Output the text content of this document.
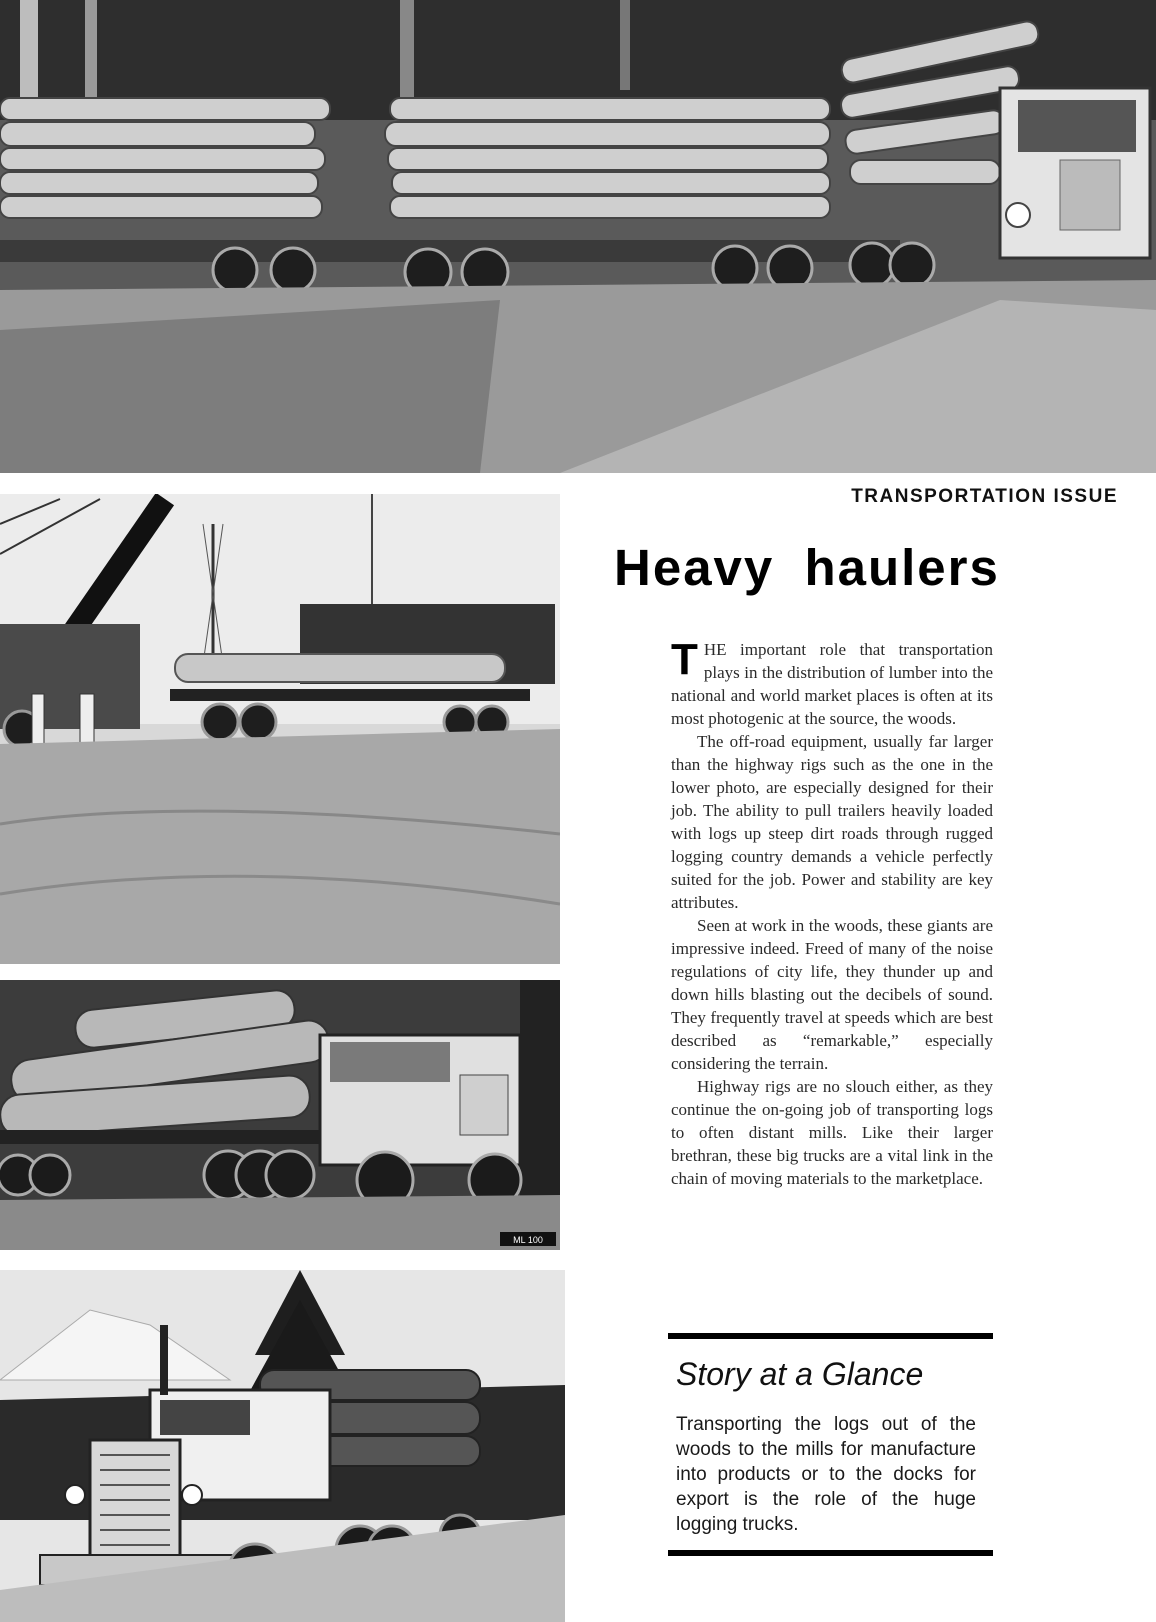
TRANSPORTATION ISSUE
Heavy haulers
ML 100

THE important role that transportation plays in the distribution of lumber into the national and world market places is often at its most photogenic at the source, the woods.

The off-road equipment, usually far larger than the highway rigs such as the one in the lower photo, are especially designed for their job. The ability to pull trailers heavily loaded with logs up steep dirt roads through rugged logging country demands a vehicle perfectly suited for the job. Power and stability are key attributes.

Seen at work in the woods, these giants are impressive indeed. Freed of many of the noise regulations of city life, they thunder up and down hills blasting out the decibels of sound. They frequently travel at speeds which are best described as “remarkable,” especially considering the terrain.

Highway rigs are no slouch either, as they continue the on-going job of transporting logs to often distant mills. Like their larger brethran, these big trucks are a vital link in the chain of moving materials to the marketplace.

Story at a Glance
Transporting the logs out of the woods to the mills for manufacture into products or to the docks for export is the role of the huge logging trucks.
